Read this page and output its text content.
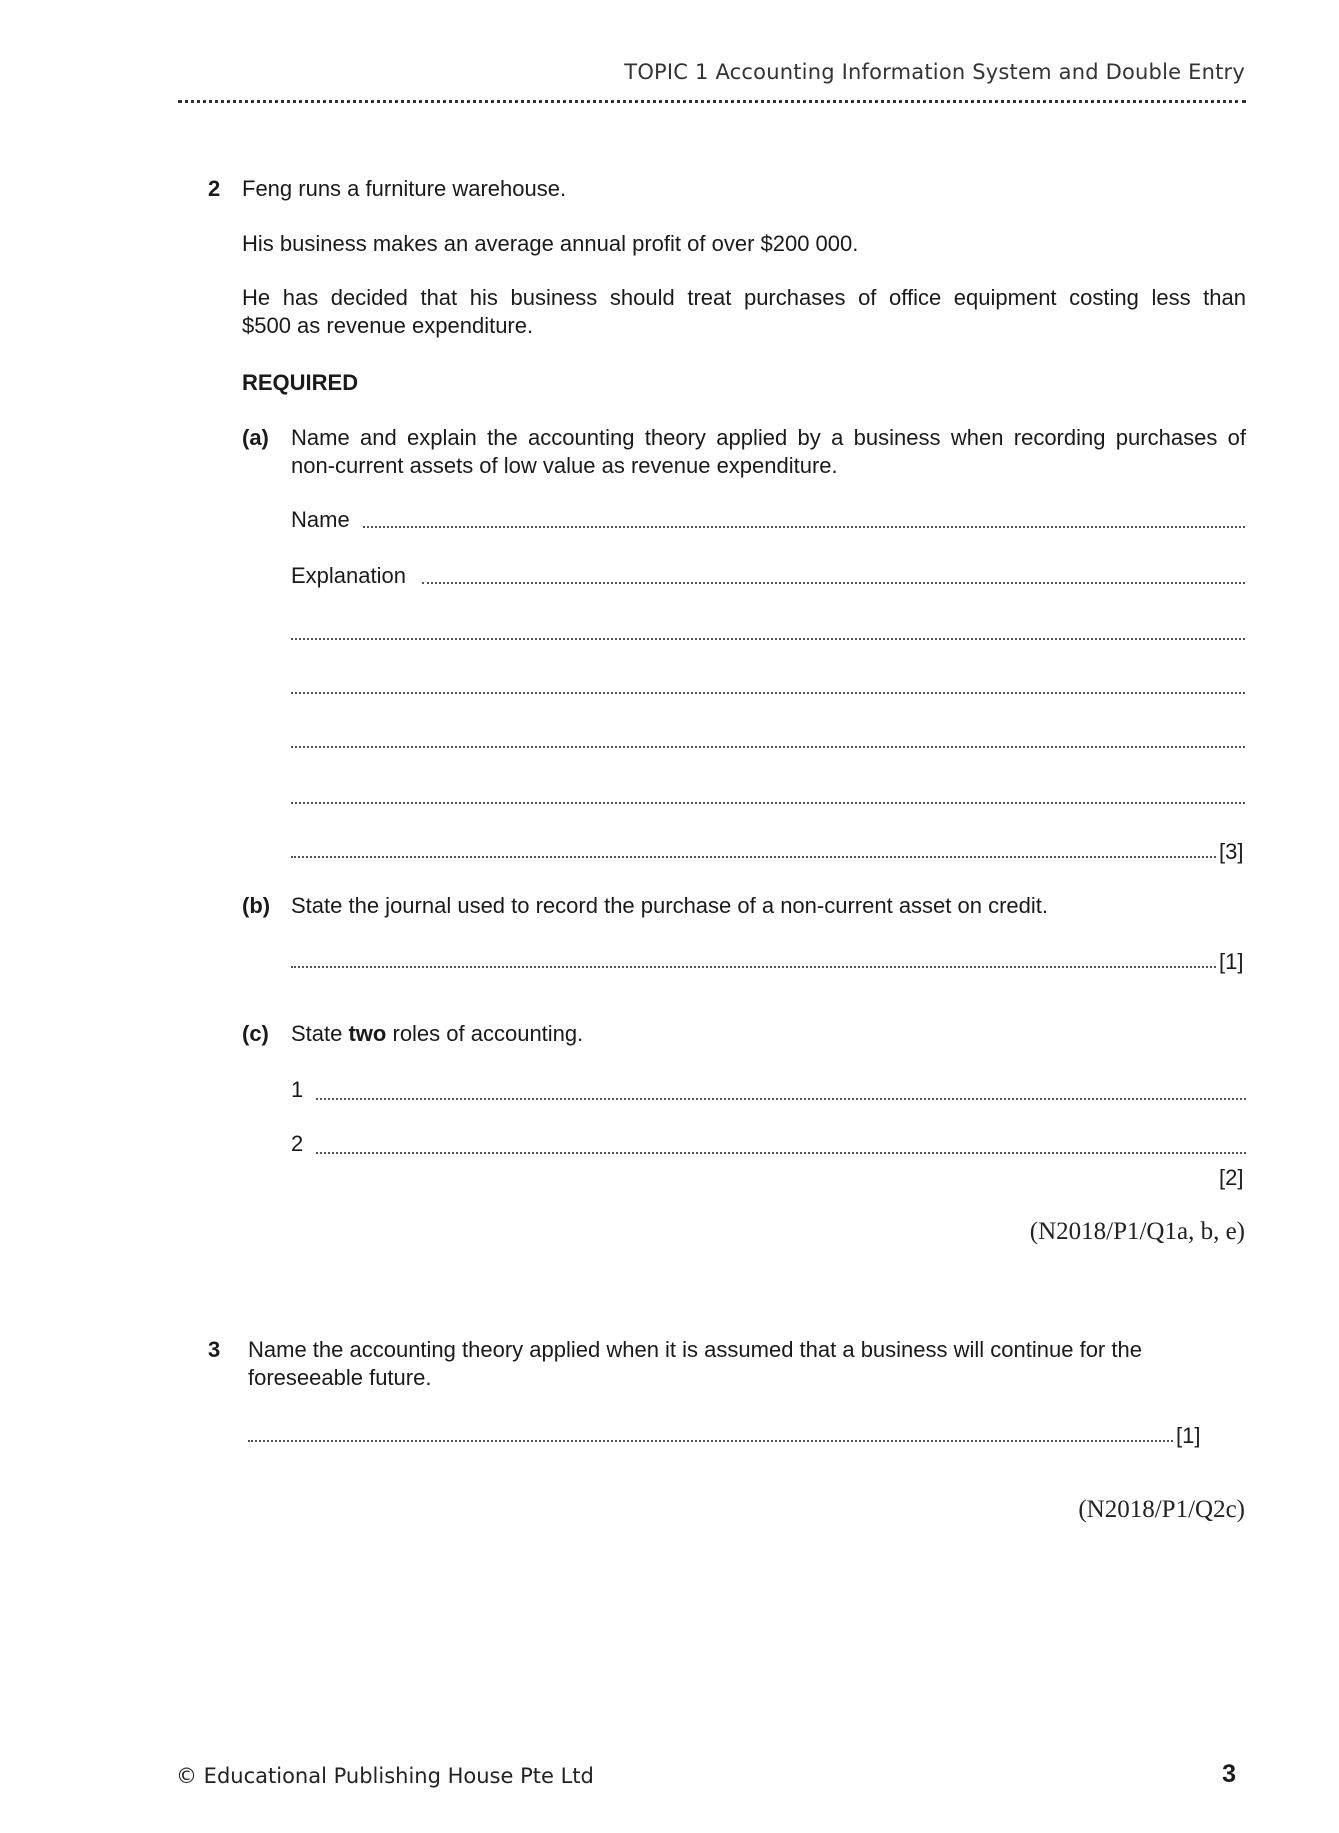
TOPIC 1 Accounting Information System and Double Entry
2 Feng runs a furniture warehouse.
His business makes an average annual profit of over $200 000.
He has decided that his business should treat purchases of office equipment costing less than
$500 as revenue expenditure.
REQUIRED
(a) Name and explain the accounting theory applied by a business when recording purchases of
non-current assets of low value as revenue expenditure.
Name
Explanation
[3]
(b) State the journal used to record the purchase of a non-current asset on credit.
[1]
(c) State two roles of accounting.
1
2
[2]
(N2018/P1/Q1a, b, e)
3 Name the accounting theory applied when it is assumed that a business will continue for the
foreseeable future.
[1]
(N2018/P1/Q2c)
© Educational Publishing House Pte Ltd	3
